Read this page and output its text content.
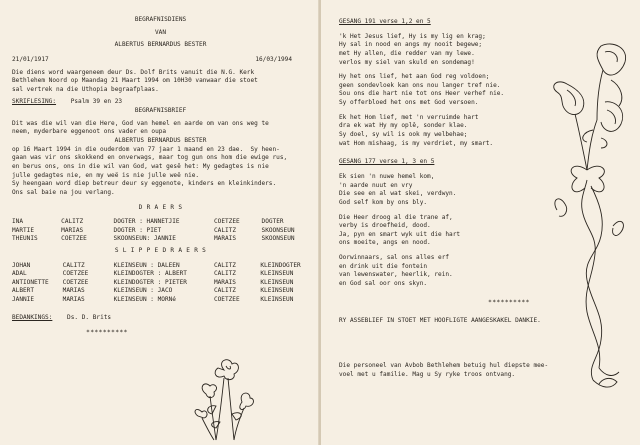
BEGRAFNISDIENS
VAN
ALBERTUS BERNARDUS BESTER
21/01/1917	16/03/1994
Die diens word waargeneem deur Ds. Dolf Brits vanuit die N.G. Kerk
Bethlehem Noord op Maandag 21 Maart 1994 om 10H30 vanwaar die stoet
sal vertrek na die Uthopia begraafplaas.
SKRIFLESING: Psalm 39 en 23
BEGRAFNISBRIEF
Dit was die wil van die Here, God van hemel en aarde om van ons weg te
neem, myderbare eggenoot ons vader en oupa
ALBERTUS BERNARDUS BESTER
op 16 Maart 1994 in die ouderdom van 77 jaar 1 maand en 23 dae.  Sy heen-
gaan was vir ons skokkend en onverwags, maar tog gun ons hom die ewige rus,
en berus ons, ons in die wil van God, wat gesê het: My gedagtes is nie
julle gedagtes nie, en my weë is nie julle weë nie.
Sy heengaan word diep betreur deur sy eggenote, kinders en kleinkinders.
Ons sal baie na jou verlang.
D R A E R S
INA	CALITZ	DOGTER : HANNETJIE	COETZEE	DOGTER
MARTIE	MARIAS	DOGTER : PIET	CALITZ	SKOONSEUN
THEUNIS	COETZEE	SKOONSEUN: JANNIE	MARAIS	SKOONSEUN
S L I P P E D R A E R S
JOHAN	CALITZ	KLEINSEUN : DALEEN	CALITZ	KLEINDOGTER
ADAL	COETZEE	KLEINDOGTER : ALBERT	CALITZ	KLEINSEUN
ANTIONETTE	COETZEE	KLEINDOGTER : PIETER	MARAIS	KLEINSEUN
ALBERT	MARIAS	KLEINSEUN : JACO	CALITZ	KLEINSEUN
JANNIE	MARIAS	KLEINSEUN : MORNé	COETZEE	KLEINSEUN
BEDANKINGS: Ds. D. Brits
**********
GESANG 191 verse 1,2 en 5
'k Het Jesus lief, Hy is my lig en krag;
Hy sal in nood en angs my nooit begewe;
met Hy allen, die redder van my lewe.
verlos my siel van skuld en sondemag!
Hy het ons lief, het aan God reg voldoen;
geen sondevloek kan ons nou langer tref nie.
Sou ons die hart nie tot ons Heer verhef nie.
Sy offerbloed het ons met God versoen.
Ek het Hom lief, met 'n verruimde hart
dra ek wat Hy my oplê, sonder klae.
Sy doel, sy wil is ook my welbehae;
wat Hom mishaag, is my verdriet, my smart.
GESANG 177 verse 1, 3 en 5
Ek sien 'n nuwe hemel kom,
'n aarde nuut en vry
Die see en al wat skei, verdwyn.
God self kom by ons bly.
Die Heer droog al die trane af,
verby is droefheid, dood.
Ja, pyn en smart wyk uit die hart
ons moeite, angs en nood.
Oorwinnaars, sal ons alles erf
en drink uit die fontein
van lewenswater, heerlik, rein.
en God sal oor ons skyn.
**********
RY ASSEBLIEF IN STOET MET HOOFLIGTE AANGESKAKEL DANKIE.
Die personeel van Avbob Bethlehem betuig hul diepste mee-
voel met u familie. Mag u Sy ryke troos ontvang.
